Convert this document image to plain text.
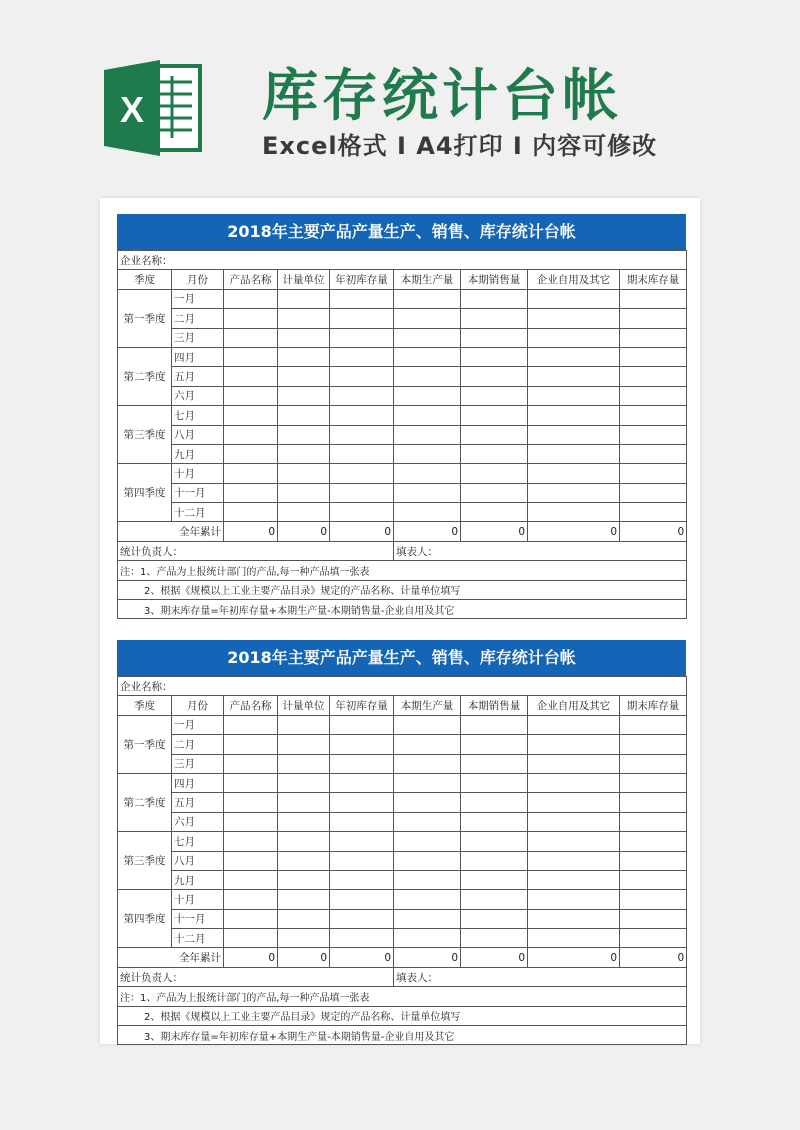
X 库存统计台帐
Excel格式 I A4打印 I 内容可修改
2018年主要产品产量生产、销售、库存统计台帐
企业名称：								
季度	月份	产品名称	计量单位	年初库存量	本期生产量	本期销售量	企业自用及其它	期末库存量
第一季度	一月							
	二月							
	三月							
第二季度	四月							
	五月							
	六月							
第三季度	七月							
	八月							
	九月							
第四季度	十月							
	十一月							
	十二月							
全年累计		0	0	0	0	0	0	0
统计负责人：					填表人：			
注：1、产品为上报统计部门的产品,每一种产品填一张表								
2、根据《规模以上工业主要产品目录》规定的产品名称、计量单位填写								
3、期末库存量=年初库存量+本期生产量-本期销售量-企业自用及其它								
2018年主要产品产量生产、销售、库存统计台帐
企业名称：								
季度	月份	产品名称	计量单位	年初库存量	本期生产量	本期销售量	企业自用及其它	期末库存量
第一季度	一月							
	二月							
	三月							
第二季度	四月							
	五月							
	六月							
第三季度	七月							
	八月							
	九月							
第四季度	十月							
	十一月							
	十二月							
全年累计		0	0	0	0	0	0	0
统计负责人：					填表人：			
注：1、产品为上报统计部门的产品,每一种产品填一张表								
2、根据《规模以上工业主要产品目录》规定的产品名称、计量单位填写								
3、期末库存量=年初库存量+本期生产量-本期销售量-企业自用及其它								
